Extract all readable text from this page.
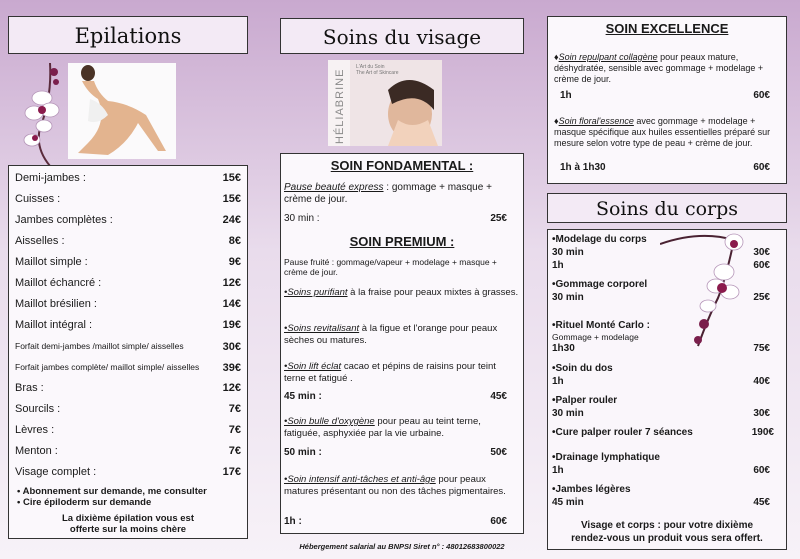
Epilations
Demi-jambes :	15€
Cuisses :	15€
Jambes complètes :	24€
Aisselles :	8€
Maillot simple :	9€
Maillot échancré :	12€
Maillot brésilien :	14€
Maillot intégral :	19€
Forfait demi-jambes /maillot simple/ aisselles	30€
Forfait jambes complète/ maillot simple/ aisselles 39€
Bras :	12€
Sourcils :	7€
Lèvres :	7€
Menton :	7€
Visage complet :	17€
• Abonnement sur demande, me consulter
• Cire épiloderm sur demande
La dixième épilation vous est
offerte sur la moins chère
Soins du visage
L'Art du Soin
The Art of Skincare
HÉLIABRINE
SOIN FONDAMENTAL :
Pause beauté express : gommage + masque + crème de jour.
30 min :	25€
SOIN PREMIUM :
Pause fruité : gommage/vapeur + modelage + masque + crème de jour.
•Soins purifiant à la fraise pour peaux mixtes à grasses.
•Soins revitalisant à la figue et l'orange pour peaux sèches ou matures.
•Soin lift éclat cacao et pépins de raisins pour teint terne et fatigué .
45 min :	45€
•Soin bulle d'oxygène pour peau au teint terne, fatiguée, asphyxiée par la vie urbaine.
50 min :	50€
•Soin intensif anti-tâches et anti-âge pour peaux matures présentant ou non des tâches pigmentaires.
1h :	60€
Hébergement salarial au BNPSI Siret n° : 48012683800022
SOIN EXCELLENCE
♦Soin repulpant collagène pour peaux mature, déshydratée, sensible avec gommage + modelage + crème de jour.
1h	60€
♦Soin floral'essence avec gommage + modelage + masque spécifique aux huiles essentielles préparé sur mesure selon votre type de peau + crème de jour.
1h à 1h30	60€
Soins du corps
•Modelage du corps
30 min	30€
1h	60€
•Gommage corporel
30 min	25€
•Rituel Monté Carlo :
Gommage + modelage
1h30	75€
•Soin du dos
1h	40€
•Palper rouler
30 min	30€
•Cure palper rouler 7 séances	190€
•Drainage lymphatique
1h	60€
•Jambes légères
45 min	45€
Visage et corps : pour votre dixième
rendez-vous un produit vous sera offert.
